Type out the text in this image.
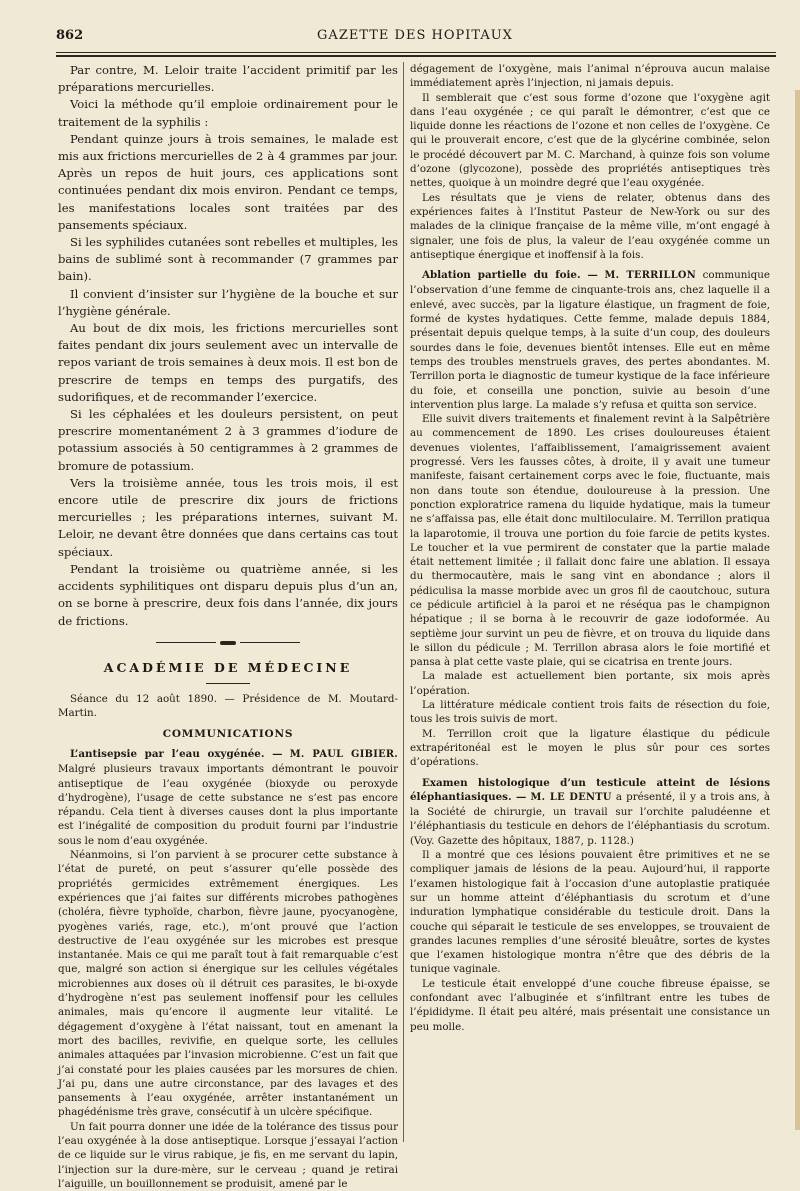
862	GAZETTE DES HOPITAUX

Par contre, M. Leloir traite l’accident primitif par les préparations mercurielles.

Voici la méthode qu’il emploie ordinairement pour le traitement de la syphilis :

Pendant quinze jours à trois semaines, le malade est mis aux frictions mercurielles de 2 à 4 grammes par jour. Après un repos de huit jours, ces applications sont continuées pendant dix mois environ. Pendant ce temps, les manifestations locales sont traitées par des pansements spéciaux.

Si les syphilides cutanées sont rebelles et multiples, les bains de sublimé sont à recommander (7 grammes par bain).

Il convient d’insister sur l’hygiène de la bouche et sur l’hygiène générale.

Au bout de dix mois, les frictions mercurielles sont faites pendant dix jours seulement avec un intervalle de repos variant de trois semaines à deux mois. Il est bon de prescrire de temps en temps des purgatifs, des sudorifiques, et de recommander l’exercice.

Si les céphalées et les douleurs persistent, on peut prescrire momentanément 2 à 3 grammes d’iodure de potassium associés à 50 centigrammes à 2 grammes de bromure de potassium.

Vers la troisième année, tous les trois mois, il est encore utile de prescrire dix jours de frictions mercurielles ; les préparations internes, suivant M. Leloir, ne devant être données que dans certains cas tout spéciaux.

Pendant la troisième ou quatrième année, si les accidents syphilitiques ont disparu depuis plus d’un an, on se borne à prescrire, deux fois dans l’année, dix jours de frictions.

ACADÉMIE DE MÉDECINE

Séance du 12 août 1890. — Présidence de M. Moutard-Martin.

COMMUNICATIONS

L’antisepsie par l’eau oxygénée. — M. PAUL GIBIER. Malgré plusieurs travaux importants démontrant le pouvoir antiseptique de l’eau oxygénée (bioxyde ou peroxyde d’hydrogène), l’usage de cette substance ne s’est pas encore répandu. Cela tient à diverses causes dont la plus importante est l’inégalité de composition du produit fourni par l’industrie sous le nom d’eau oxygénée.

Néanmoins, si l’on parvient à se procurer cette substance à l’état de pureté, on peut s’assurer qu’elle possède des propriétés germicides extrêmement énergiques. Les expériences que j’ai faites sur différents microbes pathogènes (choléra, fièvre typhoïde, charbon, fièvre jaune, pyocyanogène, pyogènes variés, rage, etc.), m’ont prouvé que l’action destructive de l’eau oxygénée sur les microbes est presque instantanée. Mais ce qui me paraît tout à fait remarquable c’est que, malgré son action si énergique sur les cellules végétales microbiennes aux doses où il détruit ces parasites, le bi-oxyde d’hydrogène n’est pas seulement inoffensif pour les cellules animales, mais qu’encore il augmente leur vitalité. Le dégagement d’oxygène à l’état naissant, tout en amenant la mort des bacilles, revivifie, en quelque sorte, les cellules animales attaquées par l’invasion microbienne. C’est un fait que j’ai constaté pour les plaies causées par les morsures de chien. J’ai pu, dans une autre circonstance, par des lavages et des pansements à l’eau oxygénée, arrêter instantanément un phagédénisme très grave, consécutif à un ulcère spécifique.

Un fait pourra donner une idée de la tolérance des tissus pour l’eau oxygénée à la dose antiseptique. Lorsque j’essayai l’action de ce liquide sur le virus rabique, je fis, en me servant du lapin, l’injection sur la dure-mère, sur le cerveau ; quand je retirai l’aiguille, un bouillonnement se produisit, amené par le

dégagement de l’oxygène, mais l’animal n’éprouva aucun malaise immédiatement après l’injection, ni jamais depuis.

Il semblerait que c’est sous forme d’ozone que l’oxygène agit dans l’eau oxygénée ; ce qui paraît le démontrer, c’est que ce liquide donne les réactions de l’ozone et non celles de l’oxygène. Ce qui le prouverait encore, c’est que de la glycérine combinée, selon le procédé découvert par M. C. Marchand, à quinze fois son volume d’ozone (glycozone), possède des propriétés antiseptiques très nettes, quoique à un moindre degré que l’eau oxygénée.

Les résultats que je viens de relater, obtenus dans des expériences faites à l’Institut Pasteur de New-York ou sur des malades de la clinique française de la même ville, m’ont engagé à signaler, une fois de plus, la valeur de l’eau oxygénée comme un antiseptique énergique et inoffensif à la fois.

Ablation partielle du foie. — M. TERRILLON communique l’observation d’une femme de cinquante-trois ans, chez laquelle il a enlevé, avec succès, par la ligature élastique, un fragment de foie, formé de kystes hydatiques. Cette femme, malade depuis 1884, présentait depuis quelque temps, à la suite d’un coup, des douleurs sourdes dans le foie, devenues bientôt intenses. Elle eut en même temps des troubles menstruels graves, des pertes abondantes. M. Terrillon porta le diagnostic de tumeur kystique de la face inférieure du foie, et conseilla une ponction, suivie au besoin d’une intervention plus large. La malade s’y refusa et quitta son service.

Elle suivit divers traitements et finalement revint à la Salpêtrière au commencement de 1890. Les crises douloureuses étaient devenues violentes, l’affaiblissement, l’amaigrissement avaient progressé. Vers les fausses côtes, à droite, il y avait une tumeur manifeste, faisant certainement corps avec le foie, fluctuante, mais non dans toute son étendue, douloureuse à la pression. Une ponction exploratrice ramena du liquide hydatique, mais la tumeur ne s’affaissa pas, elle était donc multiloculaire. M. Terrillon pratiqua la laparotomie, il trouva une portion du foie farcie de petits kystes. Le toucher et la vue permirent de constater que la partie malade était nettement limitée ; il fallait donc faire une ablation. Il essaya du thermocautère, mais le sang vint en abondance ; alors il pédiculisa la masse morbide avec un gros fil de caoutchouc, sutura ce pédicule artificiel à la paroi et ne réséqua pas le champignon hépatique ; il se borna à le recouvrir de gaze iodoformée. Au septième jour survint un peu de fièvre, et on trouva du liquide dans le sillon du pédicule ; M. Terrillon abrasa alors le foie mortifié et pansa à plat cette vaste plaie, qui se cicatrisa en trente jours.

La malade est actuellement bien portante, six mois après l’opération.

La littérature médicale contient trois faits de résection du foie, tous les trois suivis de mort.

M. Terrillon croit que la ligature élastique du pédicule extrapéritonéal est le moyen le plus sûr pour ces sortes d’opérations.

Examen histologique d’un testicule atteint de lésions éléphantiasiques. — M. LE DENTU a présenté, il y a trois ans, à la Société de chirurgie, un travail sur l’orchite paludéenne et l’éléphantiasis du testicule en dehors de l’éléphantiasis du scrotum. (Voy. Gazette des hôpitaux, 1887, p. 1128.)

Il a montré que ces lésions pouvaient être primitives et ne se compliquer jamais de lésions de la peau. Aujourd’hui, il rapporte l’examen histologique fait à l’occasion d’une autoplastie pratiquée sur un homme atteint d’éléphantiasis du scrotum et d’une induration lymphatique considérable du testicule droit. Dans la couche qui séparait le testicule de ses enveloppes, se trouvaient de grandes lacunes remplies d’une sérosité bleuâtre, sortes de kystes que l’examen histologique montra n’être que des débris de la tunique vaginale.

Le testicule était enveloppé d’une couche fibreuse épaisse, se confondant avec l’albuginée et s’infiltrant entre les tubes de l’épididyme. Il était peu altéré, mais présentait une consistance un peu molle.
